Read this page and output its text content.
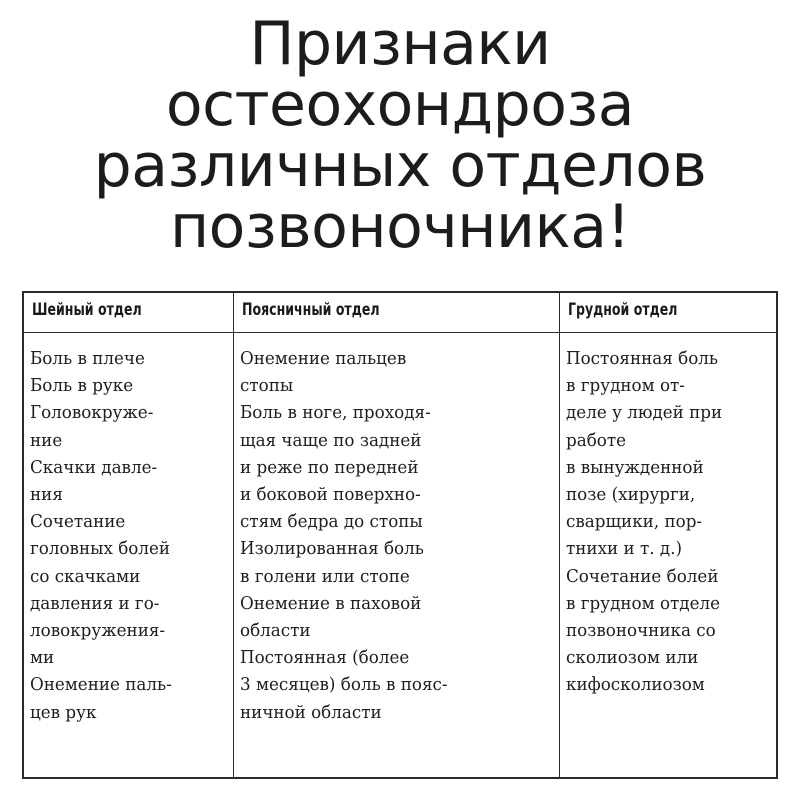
Признаки
остеохондроза
различных отделов
позвоночника!
Шейный отдел
Боль в плече
Боль в руке
Головокруже-
ние
Скачки давле-
ния
Сочетание
головных болей
со скачками
давления и го-
ловокружения-
ми
Онемение паль-
цев рук
Поясничный отдел
Онемение пальцев
стопы
Боль в ноге, проходя-
щая чаще по задней
и реже по передней
и боковой поверхно-
стям бедра до стопы
Изолированная боль
в голени или стопе
Онемение в паховой
области
Постоянная (более
3 месяцев) боль в пояс-
ничной области
Грудной отдел
Постоянная боль
в грудном от-
деле у людей при
работе
в вынужденной
позе (хирурги,
сварщики, пор-
тнихи и т. д.)
Сочетание болей
в грудном отделе
позвоночника со
сколиозом или
кифосколиозом
